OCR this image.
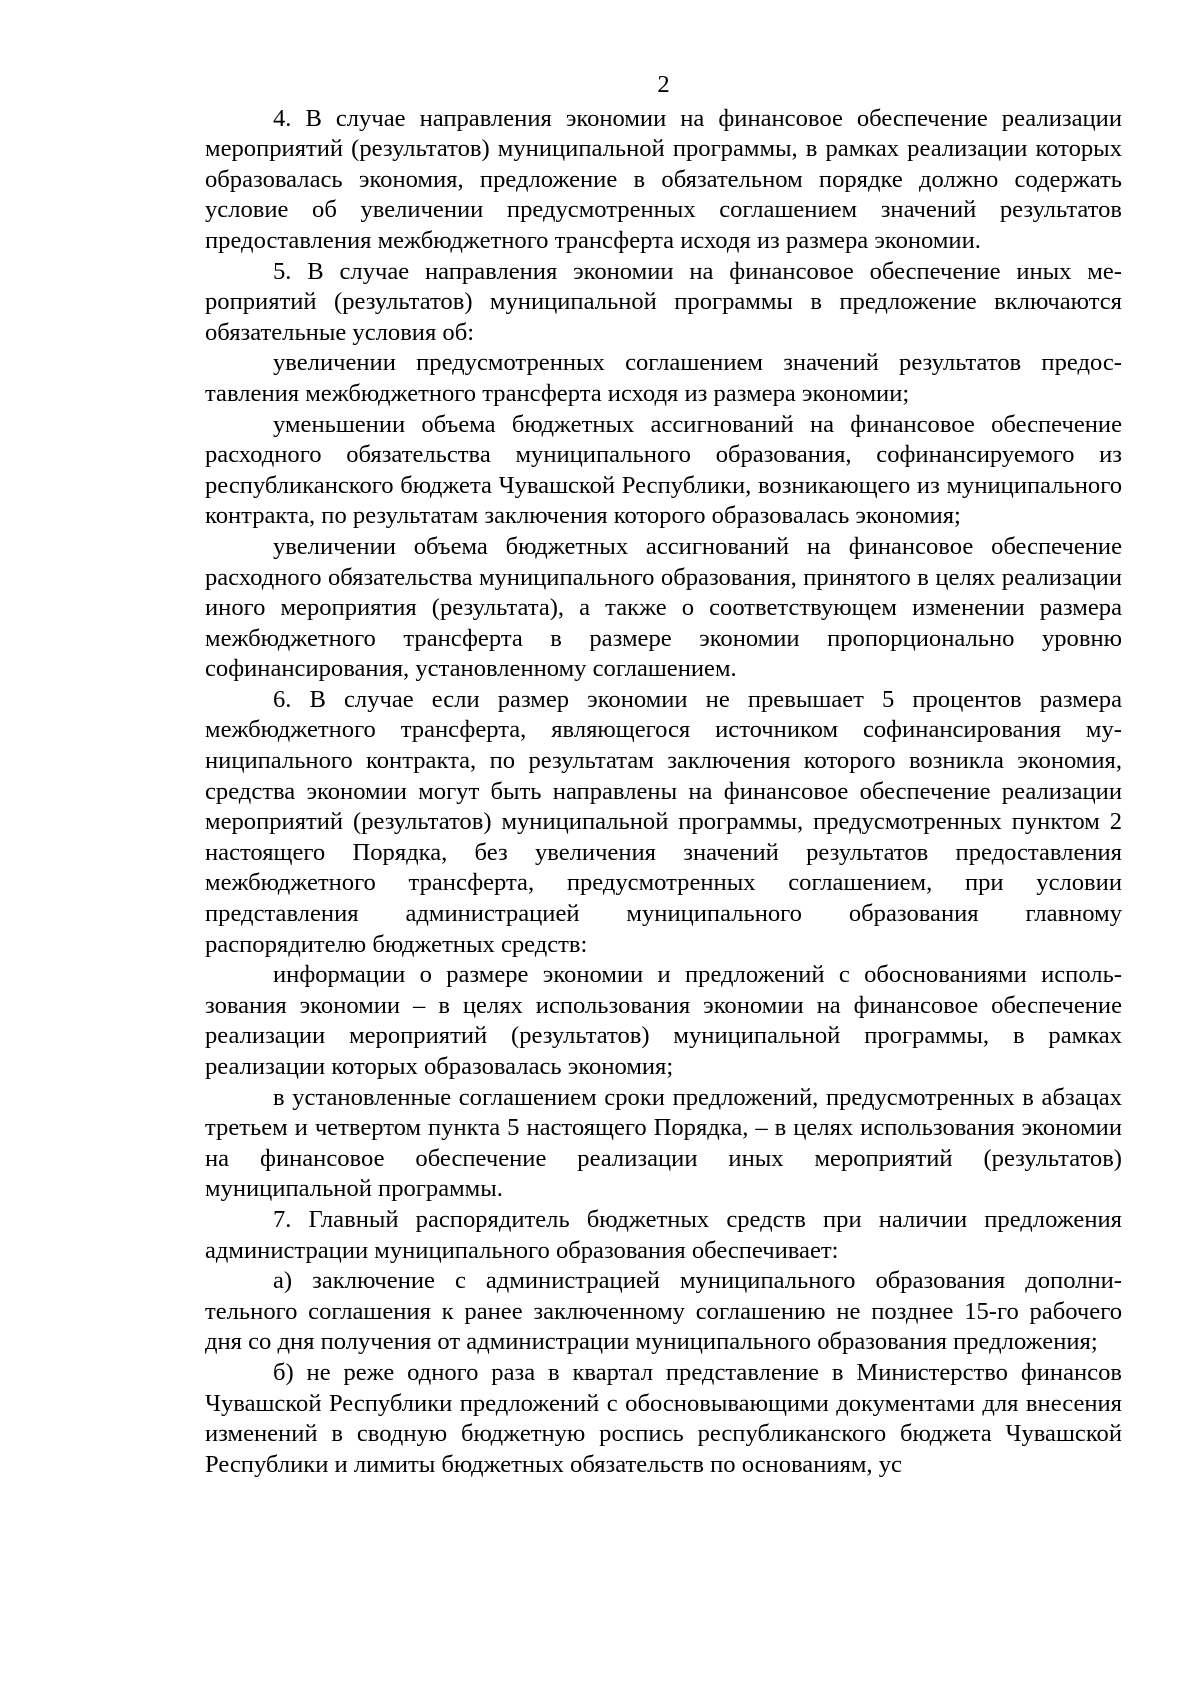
2

4. В случае направления экономии на финансовое обеспечение реализации мероприятий (результатов) муниципальной программы, в рамках реализации которых образовалась экономия, предложение в обязательном порядке должно содержать условие об увеличении предусмотренных соглашением значений результатов предоставления межбюджетного трансферта исходя из размера экономии.

5. В случае направления экономии на финансовое обеспечение иных мероприятий (результатов) муниципальной программы в предложение включаются обязательные условия об:

увеличении предусмотренных соглашением значений результатов предоставления межбюджетного трансферта исходя из размера экономии;

уменьшении объема бюджетных ассигнований на финансовое обеспечение расходного обязательства муниципального образования, софинансируемого из республиканского бюджета Чувашской Республики, возникающего из муниципального контракта, по результатам заключения которого образовалась экономия;

увеличении объема бюджетных ассигнований на финансовое обеспечение расходного обязательства муниципального образования, принятого в целях реализации иного мероприятия (результата), а также о соответствующем изменении размера межбюджетного трансферта в размере экономии пропорционально уровню софинансирования, установленному соглашением.

6. В случае если размер экономии не превышает 5 процентов размера межбюджетного трансферта, являющегося источником софинансирования муниципального контракта, по результатам заключения которого возникла экономия, средства экономии могут быть направлены на финансовое обеспечение реализации мероприятий (результатов) муниципальной программы, предусмотренных пунктом 2 настоящего Порядка, без увеличения значений результатов предоставления межбюджетного трансферта, предусмотренных соглашением, при условии представления администрацией муниципального образования главному распорядителю бюджетных средств:

информации о размере экономии и предложений с обоснованиями использования экономии – в целях использования экономии на финансовое обеспечение реализации мероприятий (результатов) муниципальной программы, в рамках реализации которых образовалась экономия;

в установленные соглашением сроки предложений, предусмотренных в абзацах третьем и четвертом пункта 5 настоящего Порядка, – в целях использования экономии на финансовое обеспечение реализации иных мероприятий (результатов) муниципальной программы.

7. Главный распорядитель бюджетных средств при наличии предложения администрации муниципального образования обеспечивает:

а) заключение с администрацией муниципального образования дополнительного соглашения к ранее заключенному соглашению не позднее 15-го рабочего дня со дня получения от администрации муниципального образования предложения;

б) не реже одного раза в квартал представление в Министерство финансов Чувашской Республики предложений с обосновывающими документами для внесения изменений в сводную бюджетную роспись республиканского бюджета Чувашской Республики и лимиты бюджетных обязательств по основаниям, ус
